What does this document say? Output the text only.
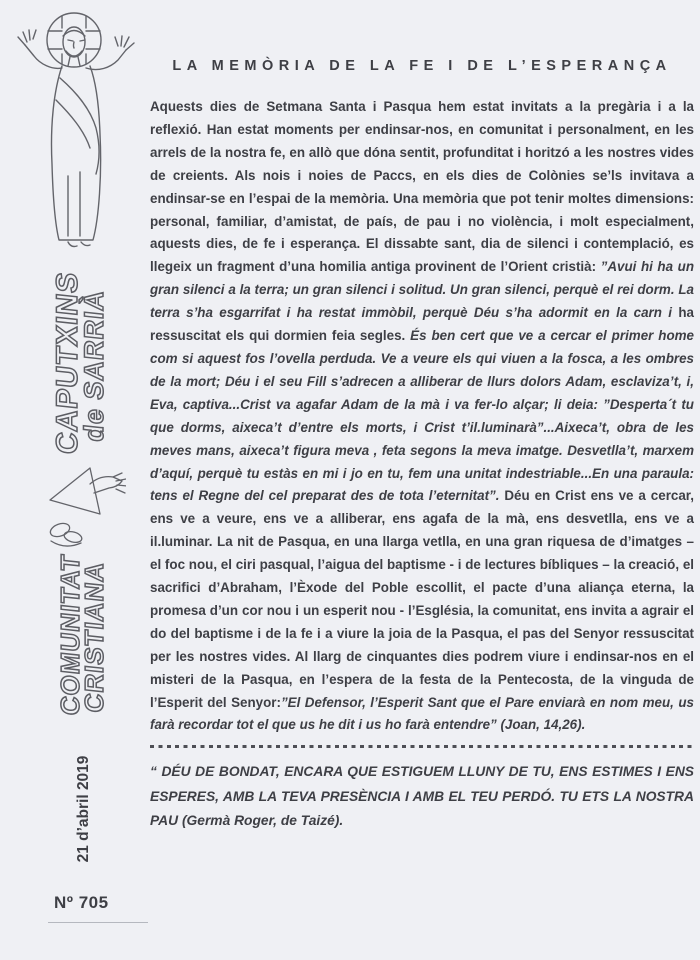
CAPUTXINS
de SARRIÀ
COMUNITAT
CRISTIANA
21 d’abril 2019
Nº 705
LA MEMÒRIA DE LA FE I DE L’ESPERANÇA

Aquests dies de Setmana Santa i Pasqua hem estat invitats a la pregària i a la reflexió. Han estat moments per endinsar-nos, en comunitat i personalment, en les arrels de la nostra fe, en allò que dóna sentit, profunditat i horitzó a les nostres vides de creients. Als nois i noies de Paccs, en els dies de Colònies se’ls invitava a endinsar-se en l’espai de la memòria. Una memòria que pot tenir moltes dimensions: personal, familiar, d’amistat, de país, de pau i no violència, i molt especialment, aquests dies, de fe i esperança. El dissabte sant, dia de silenci i contemplació, es llegeix un fragment d’una homilia antiga provinent de l’Orient cristià: ”Avui hi ha un gran silenci a la terra; un gran silenci i solitud. Un gran silenci, perquè el rei dorm. La terra s’ha esgarrifat i ha restat immòbil, perquè Déu s’ha adormit en la carn i ha ressuscitat els qui dormien feia segles. És ben cert que ve a cercar el primer home com si aquest fos l’ovella perduda. Ve a veure els qui viuen a la fosca, a les ombres de la mort; Déu i el seu Fill s’adrecen a alliberar de llurs dolors Adam, esclaviza’t, i, Eva, captiva...Crist va agafar Adam de la mà i va fer-lo alçar; li deia: ”Desperta´t tu que dorms, aixeca’t d’entre els morts, i Crist t’il.luminarà”...Aixeca’t, obra de les meves mans, aixeca’t figura meva , feta segons la meva imatge. Desvetlla’t, marxem d’aquí, perquè tu estàs en mi i jo en tu, fem una unitat indestriable...En una paraula: tens el Regne del cel preparat des de tota l’eternitat”. Déu en Crist ens ve a cercar, ens ve a veure, ens ve a alliberar, ens agafa de la mà, ens desvetlla, ens ve a il.luminar. La nit de Pasqua, en una llarga vetlla, en una gran riquesa de d’imatges – el foc nou, el ciri pasqual, l’aigua del baptisme - i de lectures bíbliques – la creació, el sacrifici d’Abraham, l’Èxode del Poble escollit, el pacte d’una aliança eterna, la promesa d’un cor nou i un esperit nou - l’Església, la comunitat, ens invita a agrair el do del baptisme i de la fe i a viure la joia de la Pasqua, el pas del Senyor ressuscitat per les nostres vides. Al llarg de cinquantes dies podrem viure i endinsar-nos en el misteri de la Pasqua, en l’espera de la festa de la Pentecosta, de la vinguda de l’Esperit del Senyor:”El Defensor, l’Esperit Sant que el Pare enviarà en nom meu, us farà recordar tot el que us he dit i us ho farà entendre” (Joan, 14,26).

“ DÉU DE BONDAT, ENCARA QUE ESTIGUEM LLUNY DE TU, ENS ESTIMES I ENS ESPERES, AMB LA TEVA PRESÈNCIA I AMB EL TEU PERDÓ. TU ETS LA NOSTRA PAU (Germà Roger, de Taizé).
